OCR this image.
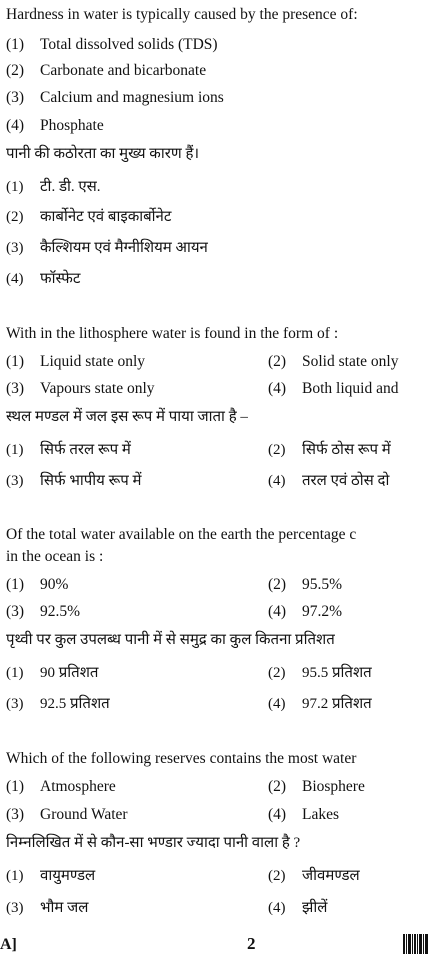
Hardness in water is typically caused by the presence of:
(1) Total dissolved solids (TDS)
(2) Carbonate and bicarbonate
(3) Calcium and magnesium ions
(4) Phosphate
पानी की कठोरता का मुख्य कारण हैं।
(1) टी. डी. एस.
(2) कार्बोनेट एवं बाइकार्बोनेट
(3) कैल्शियम एवं मैग्नीशियम आयन
(4) फॉस्फेट
With in the lithosphere water is found in the form of :
(1) Liquid state only	(2) Solid state only
(3) Vapours state only	(4) Both liquid and
स्थल मण्डल में जल इस रूप में पाया जाता है –
(1) सिर्फ तरल रूप में	(2) सिर्फ ठोस रूप में
(3) सिर्फ भापीय रूप में	(4) तरल एवं ठोस दो
Of the total water available on the earth the percentage c
in the ocean is :
(1) 90%	(2) 95.5%
(3) 92.5%	(4) 97.2%
पृथ्वी पर कुल उपलब्ध पानी में से समुद्र का कुल कितना प्रतिशत
(1) 90 प्रतिशत	(2) 95.5 प्रतिशत
(3) 92.5 प्रतिशत	(4) 97.2 प्रतिशत
Which of the following reserves contains the most water
(1) Atmosphere	(2) Biosphere
(3) Ground Water	(4) Lakes
निम्नलिखित में से कौन-सा भण्डार ज्यादा पानी वाला है ?
(1) वायुमण्डल	(2) जीवमण्डल
(3) भौम जल	(4) झीलें
A]	2
